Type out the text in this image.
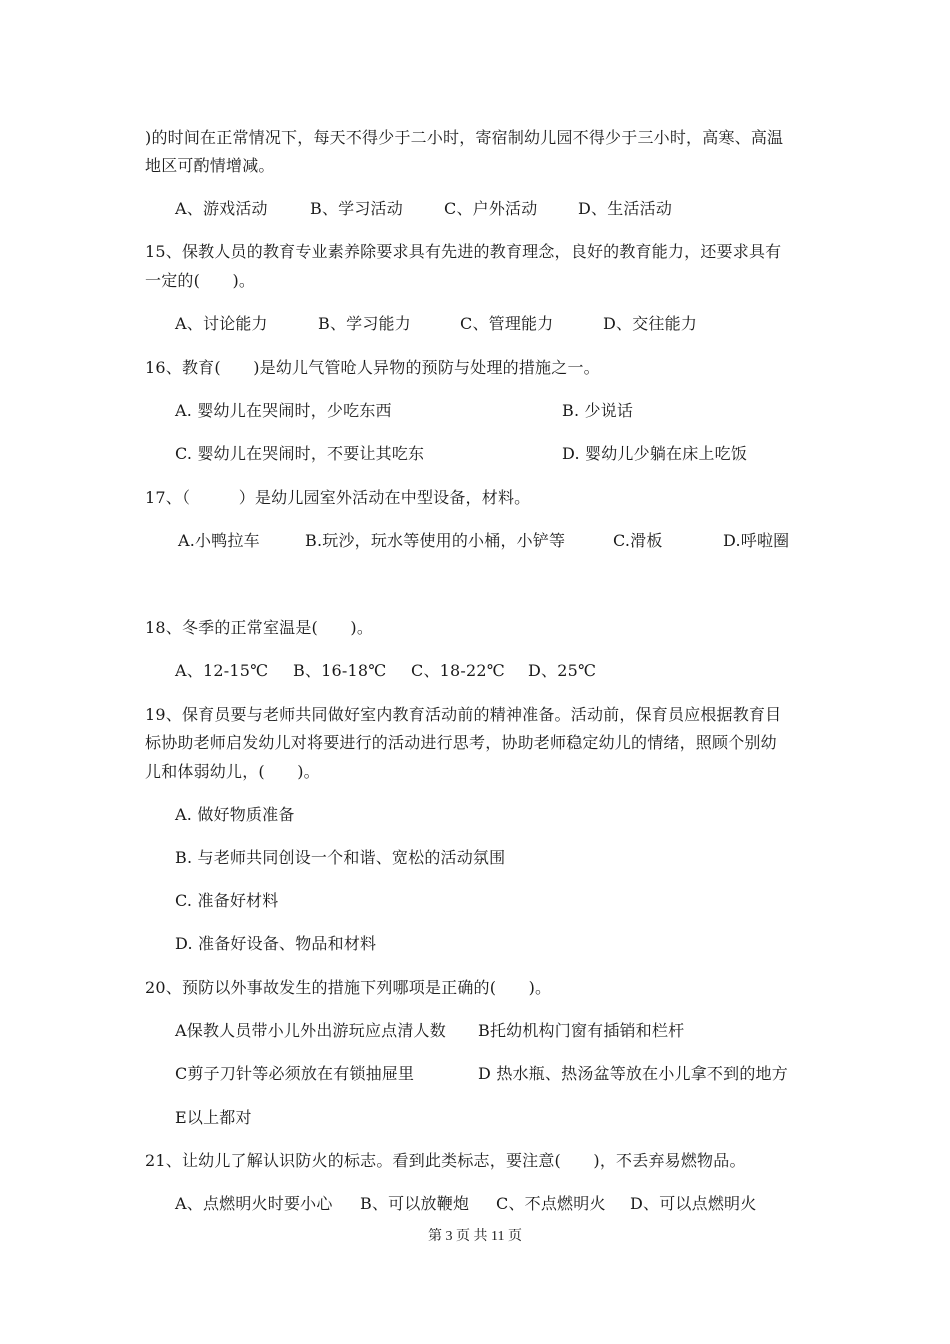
)的时间在正常情况下，每天不得少于二小时，寄宿制幼儿园不得少于三小时，高寒、高温
地区可酌情增减。
A、游戏活动	B、学习活动	C、户外活动	D、生活活动
15、保教人员的教育专业素养除要求具有先进的教育理念，良好的教育能力，还要求具有
一定的(　　)。
A、讨论能力	B、学习能力	C、管理能力	D、交往能力
16、教育(　　)是幼儿气管呛人异物的预防与处理的措施之一。
A. 婴幼儿在哭闹时，少吃东西	B. 少说话
C. 婴幼儿在哭闹时，不要让其吃东	D. 婴幼儿少躺在床上吃饭
17、（　　　）是幼儿园室外活动在中型设备，材料。
A.小鸭拉车	B.玩沙，玩水等使用的小桶，小铲等	C.滑板	D.呼啦圈
18、冬季的正常室温是(　　)。
A、12-15℃ B、16-18℃ C、18-22℃ D、25℃
19、保育员要与老师共同做好室内教育活动前的精神准备。活动前，保育员应根据教育目
标协助老师启发幼儿对将要进行的活动进行思考，协助老师稳定幼儿的情绪，照顾个别幼
儿和体弱幼儿，(　　)。
A. 做好物质准备
B. 与老师共同创设一个和谐、宽松的活动氛围
C. 准备好材料
D. 准备好设备、物品和材料
20、预防以外事故发生的措施下列哪项是正确的(　　)。
A保教人员带小儿外出游玩应点清人数 B托幼机构门窗有插销和栏杆
C剪子刀针等必须放在有锁抽屉里	D 热水瓶、热汤盆等放在小儿拿不到的地方
E以上都对
21、让幼儿了解认识防火的标志。看到此类标志，要注意(　　)，不丢弃易燃物品。
A、点燃明火时要小心 B、可以放鞭炮 C、不点燃明火 D、可以点燃明火
第 3 页 共 11 页
